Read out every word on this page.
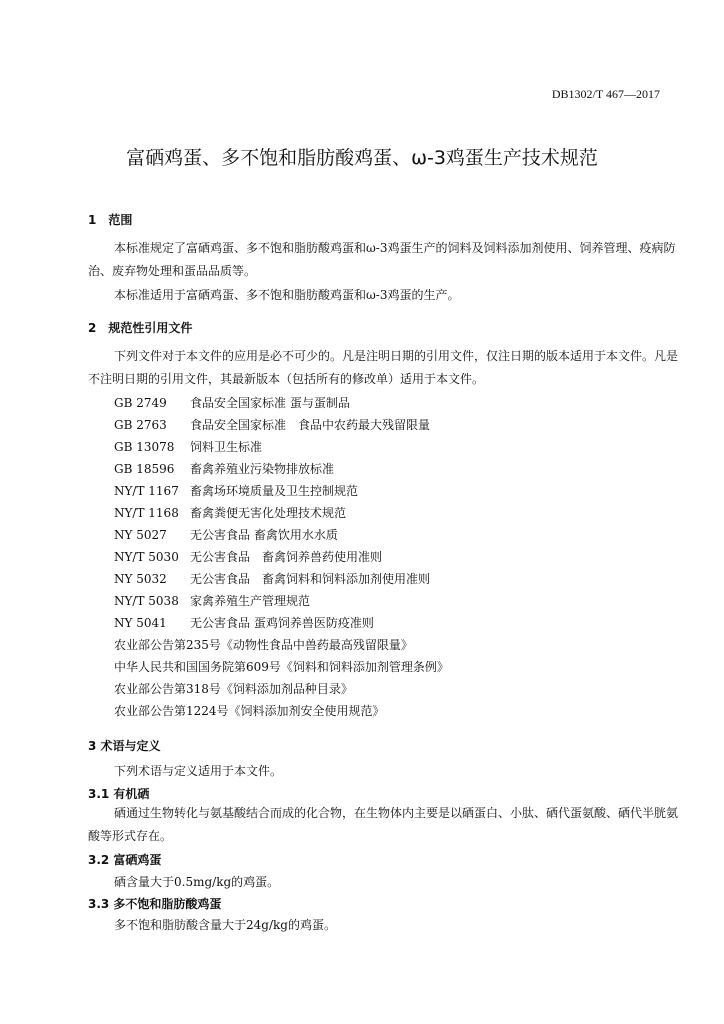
DB1302/T 467—2017
富硒鸡蛋、多不饱和脂肪酸鸡蛋、ω-3鸡蛋生产技术规范
1　范围

本标准规定了富硒鸡蛋、多不饱和脂肪酸鸡蛋和ω-3鸡蛋生产的饲料及饲料添加剂使用、饲养管理、疫病防治、废弃物处理和蛋品品质等。

本标准适用于富硒鸡蛋、多不饱和脂肪酸鸡蛋和ω-3鸡蛋的生产。
2　规范性引用文件

下列文件对于本文件的应用是必不可少的。凡是注明日期的引用文件，仅注日期的版本适用于本文件。凡是不注明日期的引用文件，其最新版本（包括所有的修改单）适用于本文件。

GB 2749 食品安全国家标准 蛋与蛋制品
GB 2763 食品安全国家标准　食品中农药最大残留限量
GB 13078 饲料卫生标准
GB 18596 畜禽养殖业污染物排放标准
NY/T 1167 畜禽场环境质量及卫生控制规范
NY/T 1168 畜禽粪便无害化处理技术规范
NY 5027 无公害食品 畜禽饮用水水质
NY/T 5030 无公害食品　畜禽饲养兽药使用准则
NY 5032 无公害食品　畜禽饲料和饲料添加剂使用准则
NY/T 5038 家禽养殖生产管理规范
NY 5041 无公害食品 蛋鸡饲养兽医防疫准则
农业部公告第235号《动物性食品中兽药最高残留限量》
中华人民共和国国务院第609号《饲料和饲料添加剂管理条例》
农业部公告第318号《饲料添加剂品种目录》
农业部公告第1224号《饲料添加剂安全使用规范》
3 术语与定义
下列术语与定义适用于本文件。
3.1 有机硒

硒通过生物转化与氨基酸结合而成的化合物，在生物体内主要是以硒蛋白、小肽、硒代蛋氨酸、硒代半胱氨酸等形式存在。

3.2 富硒鸡蛋
硒含量大于0.5mg/kg的鸡蛋。
3.3 多不饱和脂肪酸鸡蛋
多不饱和脂肪酸含量大于24g/kg的鸡蛋。
